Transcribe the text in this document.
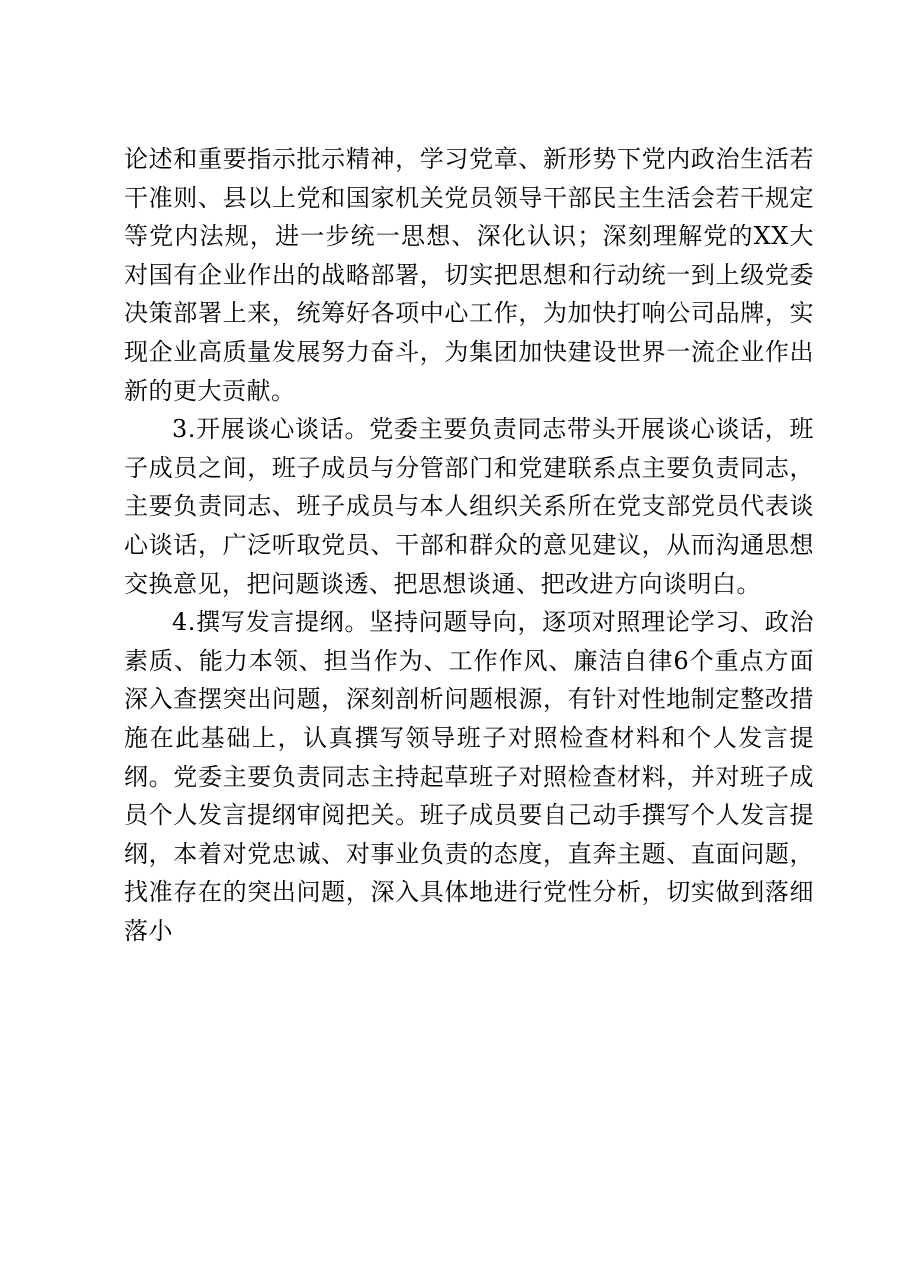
论述和重要指示批示精神，学习党章、新形势下党内政治生活若干准则、县以上党和国家机关党员领导干部民主生活会若干规定等党内法规，进一步统一思想、深化认识；深刻理解党的XX大对国有企业作出的战略部署，切实把思想和行动统一到上级党委决策部署上来，统筹好各项中心工作，为加快打响公司品牌，实现企业高质量发展努力奋斗，为集团加快建设世界一流企业作出新的更大贡献。

3.开展谈心谈话。党委主要负责同志带头开展谈心谈话，班子成员之间，班子成员与分管部门和党建联系点主要负责同志，主要负责同志、班子成员与本人组织关系所在党支部党员代表谈心谈话，广泛听取党员、干部和群众的意见建议，从而沟通思想交换意见，把问题谈透、把思想谈通、把改进方向谈明白。

4.撰写发言提纲。坚持问题导向，逐项对照理论学习、政治素质、能力本领、担当作为、工作作风、廉洁自律6个重点方面深入查摆突出问题，深刻剖析问题根源，有针对性地制定整改措施在此基础上，认真撰写领导班子对照检查材料和个人发言提纲。党委主要负责同志主持起草班子对照检查材料，并对班子成员个人发言提纲审阅把关。班子成员要自己动手撰写个人发言提纲，本着对党忠诚、对事业负责的态度，直奔主题、直面问题，找准存在的突出问题，深入具体地进行党性分析，切实做到落细落小
